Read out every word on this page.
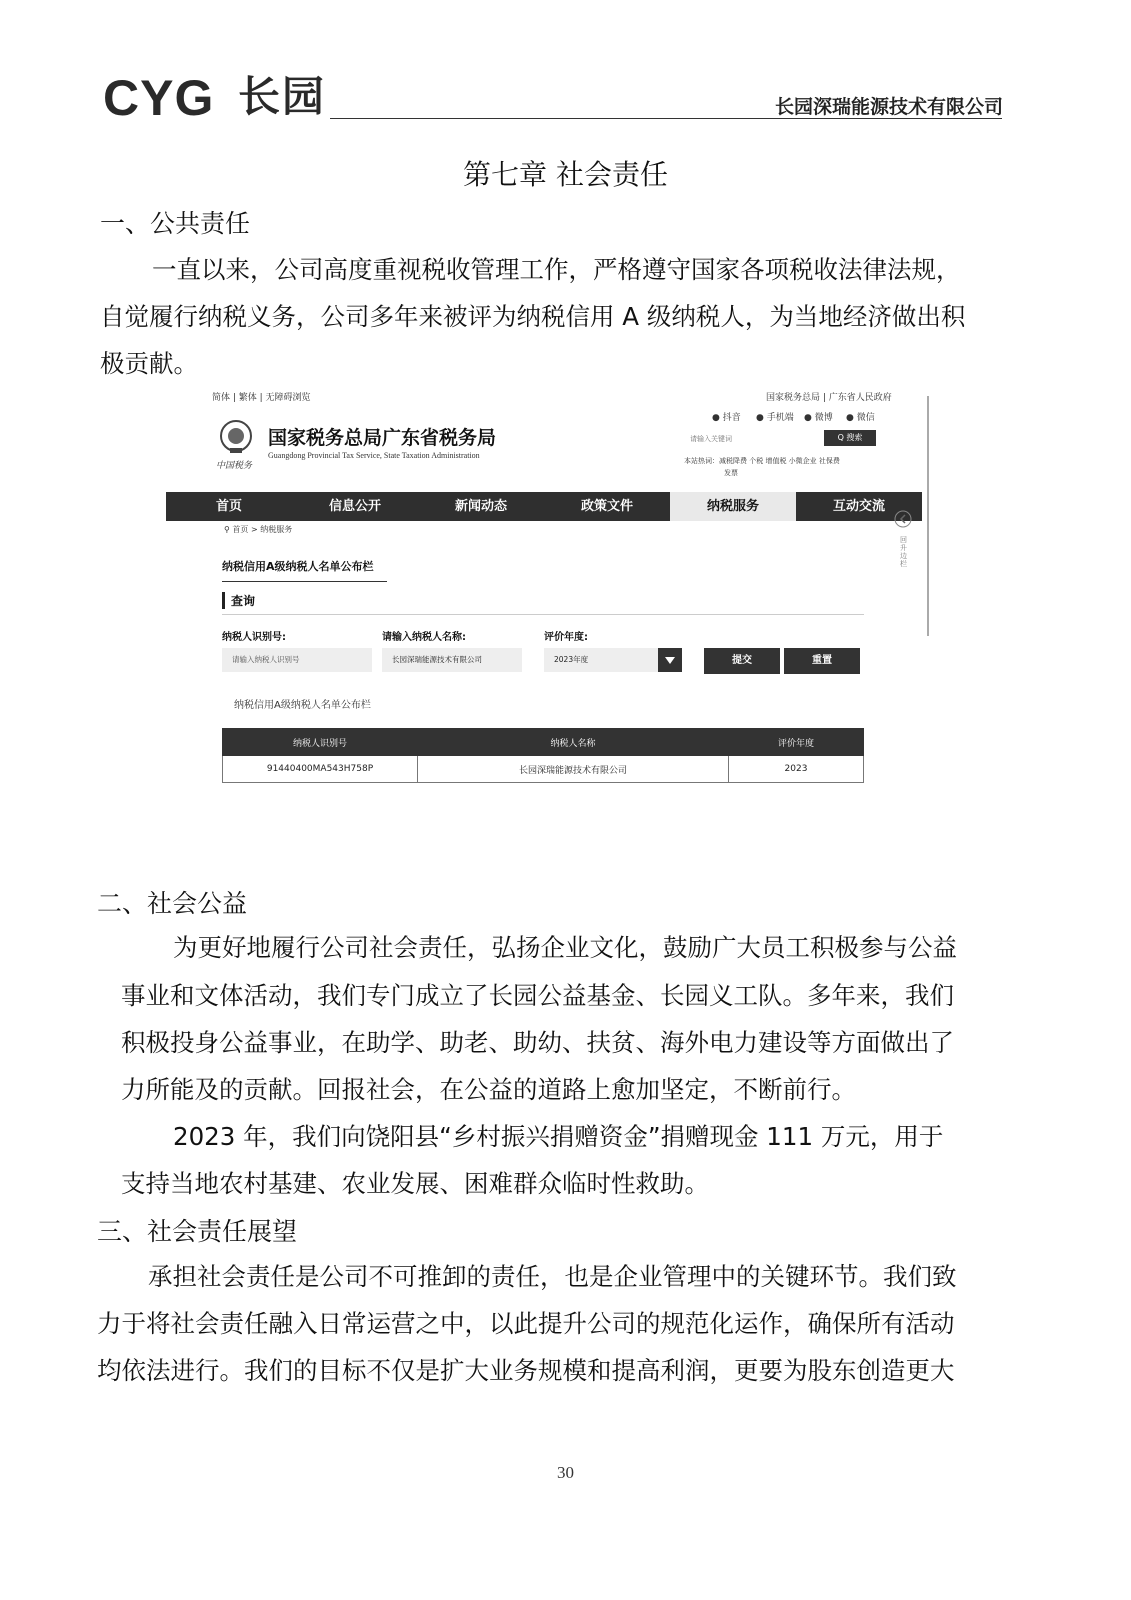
CYG 长园	长园深瑞能源技术有限公司
第七章 社会责任
一、公共责任
一直以来，公司高度重视税收管理工作，严格遵守国家各项税收法律法规，
自觉履行纳税义务，公司多年来被评为纳税信用 A 级纳税人，为当地经济做出积
极贡献。
简体 | 繁体 | 无障碍浏览	国家税务总局 | 广东省人民政府
中国税务
国家税务总局广东省税务局
Guangdong Provincial Tax Service, State Taxation Administration
● 抖音 ● 手机端 ● 微博 ● 微信
请输入关键词	Q 搜索
本站热词：减税降费 个税 增值税 小微企业 社保费
发票
首页	信息公开	新闻动态	政策文件	纳税服务	互动交流
回升边栏
⚲ 首页 > 纳税服务
纳税信用A级纳税人名单公布栏
查询
纳税人识别号:	请输入纳税人名称:	评价年度:
请输入纳税人识别号	长园深瑞能源技术有限公司	2023年度	提交	重置
纳税信用A级纳税人名单公布栏
纳税人识别号	纳税人名称	评价年度
91440400MA543H758P	长园深瑞能源技术有限公司	2023
二、社会公益
为更好地履行公司社会责任，弘扬企业文化，鼓励广大员工积极参与公益
事业和文体活动，我们专门成立了长园公益基金、长园义工队。多年来，我们
积极投身公益事业，在助学、助老、助幼、扶贫、海外电力建设等方面做出了
力所能及的贡献。回报社会，在公益的道路上愈加坚定，不断前行。
2023 年，我们向饶阳县“乡村振兴捐赠资金”捐赠现金 111 万元，用于
支持当地农村基建、农业发展、困难群众临时性救助。
三、社会责任展望
承担社会责任是公司不可推卸的责任，也是企业管理中的关键环节。我们致
力于将社会责任融入日常运营之中，以此提升公司的规范化运作，确保所有活动
均依法进行。我们的目标不仅是扩大业务规模和提高利润，更要为股东创造更大
30
